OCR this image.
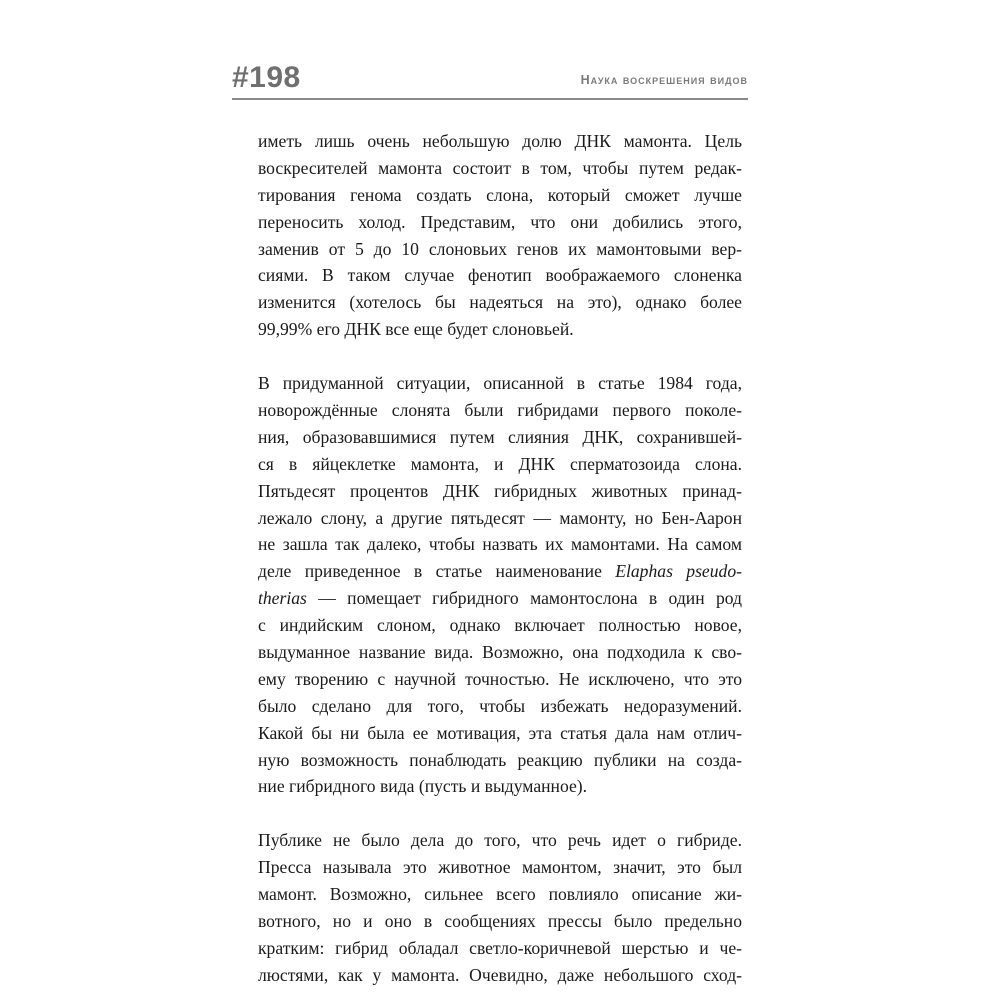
#198	Наука воскрешения видов
иметь лишь очень небольшую долю ДНК мамонта. Цель
воскресителей мамонта состоит в том, чтобы путем редак-
тирования генома создать слона, который сможет лучше
переносить холод. Представим, что они добились этого,
заменив от 5 до 10 слоновьих генов их мамонтовыми вер-
сиями. В таком случае фенотип воображаемого слоненка
изменится (хотелось бы надеяться на это), однако более
99,99% его ДНК все еще будет слоновьей.
В придуманной ситуации, описанной в статье 1984 года,
новорождённые слонята были гибридами первого поколе-
ния, образовавшимися путем слияния ДНК, сохранившей-
ся в яйцеклетке мамонта, и ДНК сперматозоида слона.
Пятьдесят процентов ДНК гибридных животных принад-
лежало слону, а другие пятьдесят — мамонту, но Бен-Аарон
не зашла так далеко, чтобы назвать их мамонтами. На самом
деле приведенное в статье наименование Elaphas pseudo-
therias — помещает гибридного мамонтослона в один род
с индийским слоном, однако включает полностью новое,
выдуманное название вида. Возможно, она подходила к сво-
ему творению с научной точностью. Не исключено, что это
было сделано для того, чтобы избежать недоразумений.
Какой бы ни была ее мотивация, эта статья дала нам отлич-
ную возможность понаблюдать реакцию публики на созда-
ние гибридного вида (пусть и выдуманное).
Публике не было дела до того, что речь идет о гибриде.
Пресса называла это животное мамонтом, значит, это был
мамонт. Возможно, сильнее всего повлияло описание жи-
вотного, но и оно в сообщениях прессы было предельно
кратким: гибрид обладал светло-коричневой шерстью и че-
люстями, как у мамонта. Очевидно, даже небольшого сход-
